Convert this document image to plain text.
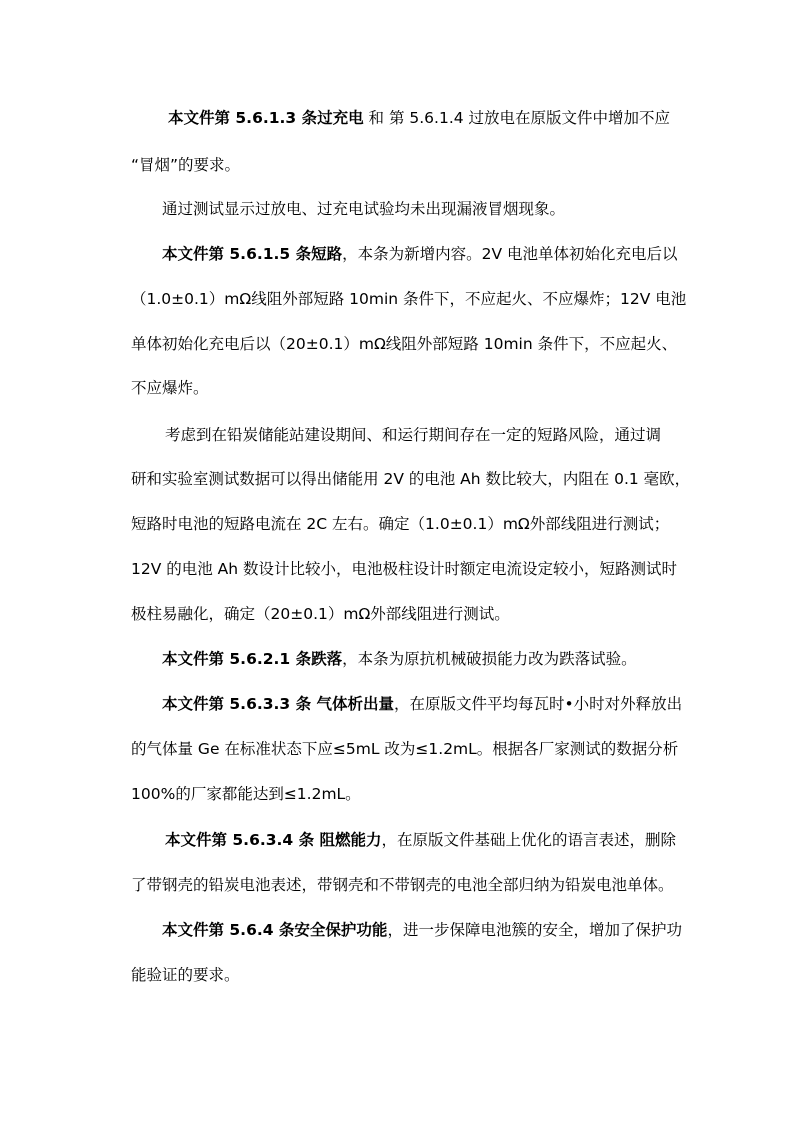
本文件第 5.6.1.3 条过充电 和 第 5.6.1.4 过放电在原版文件中增加不应
“冒烟”的要求。
通过测试显示过放电、过充电试验均未出现漏液冒烟现象。
本文件第 5.6.1.5 条短路，本条为新增内容。2V 电池单体初始化充电后以
（1.0±0.1）mΩ线阻外部短路 10min 条件下，不应起火、不应爆炸；12V 电池
单体初始化充电后以（20±0.1）mΩ线阻外部短路 10min 条件下，不应起火、
不应爆炸。
考虑到在铅炭储能站建设期间、和运行期间存在一定的短路风险，通过调
研和实验室测试数据可以得出储能用 2V 的电池 Ah 数比较大，内阻在 0.1 毫欧，
短路时电池的短路电流在 2C 左右。确定（1.0±0.1）mΩ外部线阻进行测试；
12V 的电池 Ah 数设计比较小，电池极柱设计时额定电流设定较小，短路测试时
极柱易融化，确定（20±0.1）mΩ外部线阻进行测试。
本文件第 5.6.2.1 条跌落，本条为原抗机械破损能力改为跌落试验。
本文件第 5.6.3.3 条 气体析出量，在原版文件平均每瓦时•小时对外释放出
的气体量 Ge 在标准状态下应≤5mL 改为≤1.2mL。根据各厂家测试的数据分析
100%的厂家都能达到≤1.2mL。
本文件第 5.6.3.4 条 阻燃能力，在原版文件基础上优化的语言表述，删除
了带钢壳的铅炭电池表述，带钢壳和不带钢壳的电池全部归纳为铅炭电池单体。
本文件第 5.6.4 条安全保护功能，进一步保障电池簇的安全，增加了保护功
能验证的要求。
